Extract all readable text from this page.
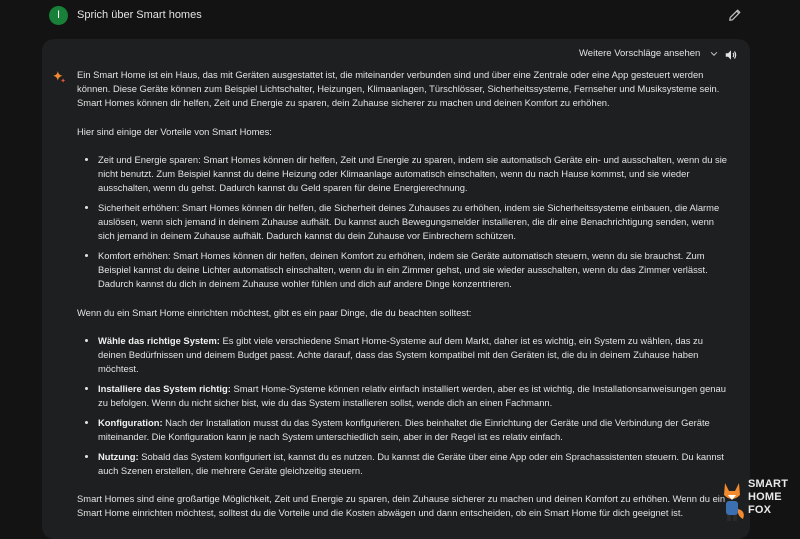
I	Sprich über Smart homes
Weitere Vorschläge ansehen

Ein Smart Home ist ein Haus, das mit Geräten ausgestattet ist, die miteinander verbunden sind und über eine Zentrale oder eine App gesteuert werden können. Diese Geräte können zum Beispiel Lichtschalter, Heizungen, Klimaanlagen, Türschlösser, Sicherheitssysteme, Fernseher und Musiksysteme sein. Smart Homes können dir helfen, Zeit und Energie zu sparen, dein Zuhause sicherer zu machen und deinen Komfort zu erhöhen.

Hier sind einige der Vorteile von Smart Homes:

• Zeit und Energie sparen: Smart Homes können dir helfen, Zeit und Energie zu sparen, indem sie automatisch Geräte ein- und ausschalten, wenn du sie nicht benutzt. Zum Beispiel kannst du deine Heizung oder Klimaanlage automatisch einschalten, wenn du nach Hause kommst, und sie wieder ausschalten, wenn du gehst. Dadurch kannst du Geld sparen für deine Energierechnung.
• Sicherheit erhöhen: Smart Homes können dir helfen, die Sicherheit deines Zuhauses zu erhöhen, indem sie Sicherheitssysteme einbauen, die Alarme auslösen, wenn sich jemand in deinem Zuhause aufhält. Du kannst auch Bewegungsmelder installieren, die dir eine Benachrichtigung senden, wenn sich jemand in deinem Zuhause aufhält. Dadurch kannst du dein Zuhause vor Einbrechern schützen.
• Komfort erhöhen: Smart Homes können dir helfen, deinen Komfort zu erhöhen, indem sie Geräte automatisch steuern, wenn du sie brauchst. Zum Beispiel kannst du deine Lichter automatisch einschalten, wenn du in ein Zimmer gehst, und sie wieder ausschalten, wenn du das Zimmer verlässt. Dadurch kannst du dich in deinem Zuhause wohler fühlen und dich auf andere Dinge konzentrieren.

Wenn du ein Smart Home einrichten möchtest, gibt es ein paar Dinge, die du beachten solltest:

• Wähle das richtige System: Es gibt viele verschiedene Smart Home-Systeme auf dem Markt, daher ist es wichtig, ein System zu wählen, das zu deinen Bedürfnissen und deinem Budget passt. Achte darauf, dass das System kompatibel mit den Geräten ist, die du in deinem Zuhause haben möchtest.
• Installiere das System richtig: Smart Home-Systeme können relativ einfach installiert werden, aber es ist wichtig, die Installationsanweisungen genau zu befolgen. Wenn du nicht sicher bist, wie du das System installieren sollst, wende dich an einen Fachmann.
• Konfiguration: Nach der Installation musst du das System konfigurieren. Dies beinhaltet die Einrichtung der Geräte und die Verbindung der Geräte miteinander. Die Konfiguration kann je nach System unterschiedlich sein, aber in der Regel ist es relativ einfach.
• Nutzung: Sobald das System konfiguriert ist, kannst du es nutzen. Du kannst die Geräte über eine App oder ein Sprachassistenten steuern. Du kannst auch Szenen erstellen, die mehrere Geräte gleichzeitig steuern.

Smart Homes sind eine großartige Möglichkeit, Zeit und Energie zu sparen, dein Zuhause sicherer zu machen und deinen Komfort zu erhöhen. Wenn du ein Smart Home einrichten möchtest, solltest du die Vorteile und die Kosten abwägen und dann entscheiden, ob ein Smart Home für dich geeignet ist.

SMART
HOME
FOX
